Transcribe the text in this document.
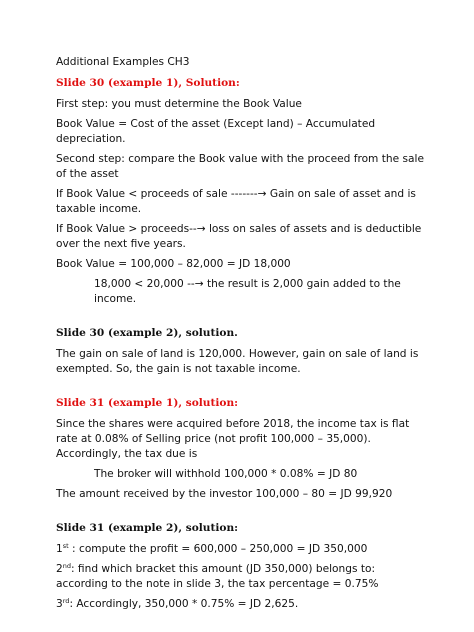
Additional Examples CH3

Slide 30 (example 1), Solution:

First step: you must determine the Book Value

Book Value = Cost of the asset (Except land) – Accumulated depreciation.

Second step: compare the Book value with the proceed from the sale of the asset

If Book Value < proceeds of sale -------→ Gain on sale of asset and is taxable income.

If Book Value > proceeds--→ loss on sales of assets and is deductible over the next five years.

Book Value = 100,000 – 82,000 = JD 18,000

18,000 < 20,000 --→ the result is 2,000 gain added to the income.

Slide 30 (example 2), solution.

The gain on sale of land is 120,000. However, gain on sale of land is exempted. So, the gain is not taxable income.

Slide 31 (example 1), solution:

Since the shares were acquired before 2018, the income tax is flat rate at 0.08% of Selling price (not profit 100,000 – 35,000). Accordingly, the tax due is

The broker will withhold 100,000 * 0.08% = JD 80

The amount received by the investor 100,000 – 80 = JD 99,920

Slide 31 (example 2), solution:

1st : compute the profit = 600,000 – 250,000 = JD 350,000

2nd: find which bracket this amount (JD 350,000) belongs to: according to the note in slide 3, the tax percentage = 0.75%

3rd: Accordingly, 350,000 * 0.75% = JD 2,625.
